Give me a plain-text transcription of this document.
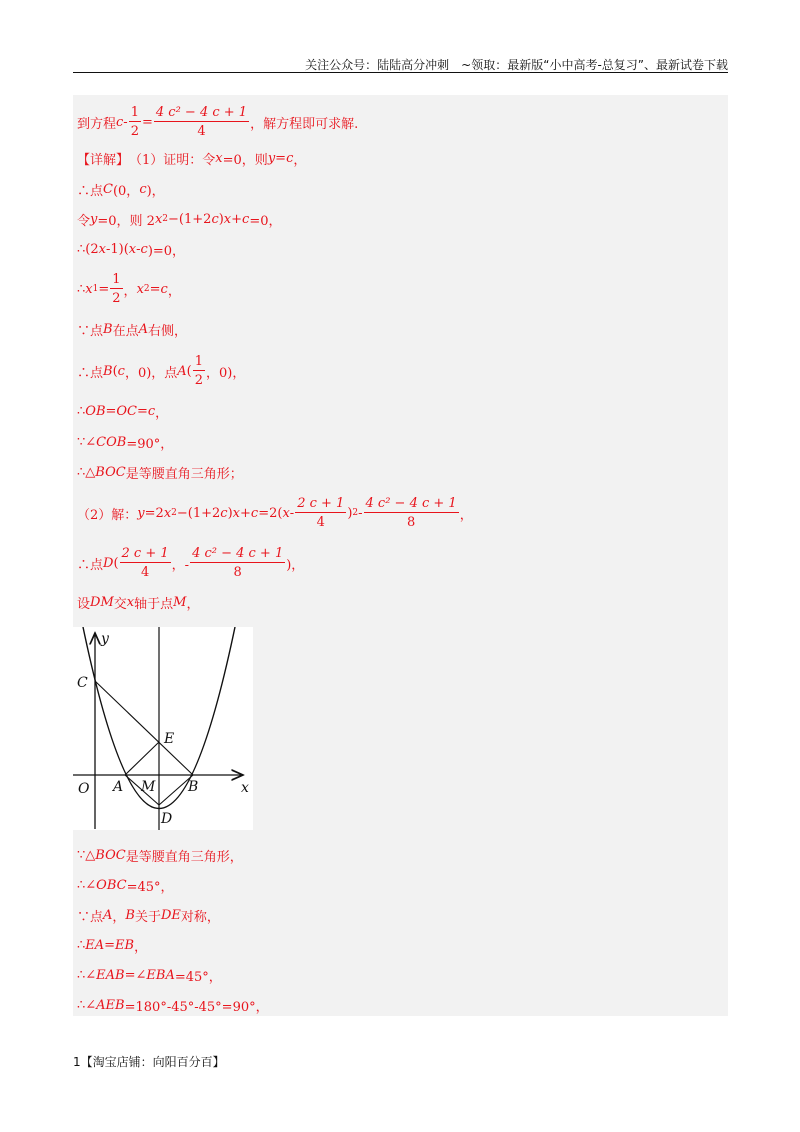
关注公众号：陆陆高分冲刺　~领取：最新版“小中高考-总复习”、最新试卷下载
到方程 $c - \frac{1}{2} = \frac{\text{4 c² − 4 c + 1}}{4}$ ，解方程即可求解.
【详解】 （1）证明：令 x =0，则 y = c ，
∴点 C (0， c )，
令 y =0，则 2 x 2 −(1+2 c ) x + c =0，
∴(2 x -1)( x - c )=0，
∴ x $1 = \frac{1}{2}$ ， x 2 = c ，
∵点 B 在点 A 右侧，
∴点 B ( c ，0)，点 A ( $\frac{1}{2}$ ，0)，
∴ OB=OC=c ，
∵∠ COB =90°，
∴△ BOC 是等腰直角三角形；
（2）解： y =2 x 2 −(1+2 c ) x + c =2( x - $\frac{2 c + 1}{4}$ ) $2 - \frac{\text{4 c² − 4 c + 1}}{8}$ ，
∴点 D ( $\frac{2 c + 1}{4}$ ，- $\frac{\text{4 c² − 4 c + 1}}{8}$ )，
设 DM 交 x 轴于点 M ，
y
x
C
E
O A M B
D
∵△ BOC 是等腰直角三角形，
∴∠ OBC =45°，
∵点 A ， B 关于 DE 对称，
∴ EA=EB ，
∴∠ EAB =∠ EBA =45°，
∴∠ AEB =180°-45°-45°=90°，
1【淘宝店铺：向阳百分百】
